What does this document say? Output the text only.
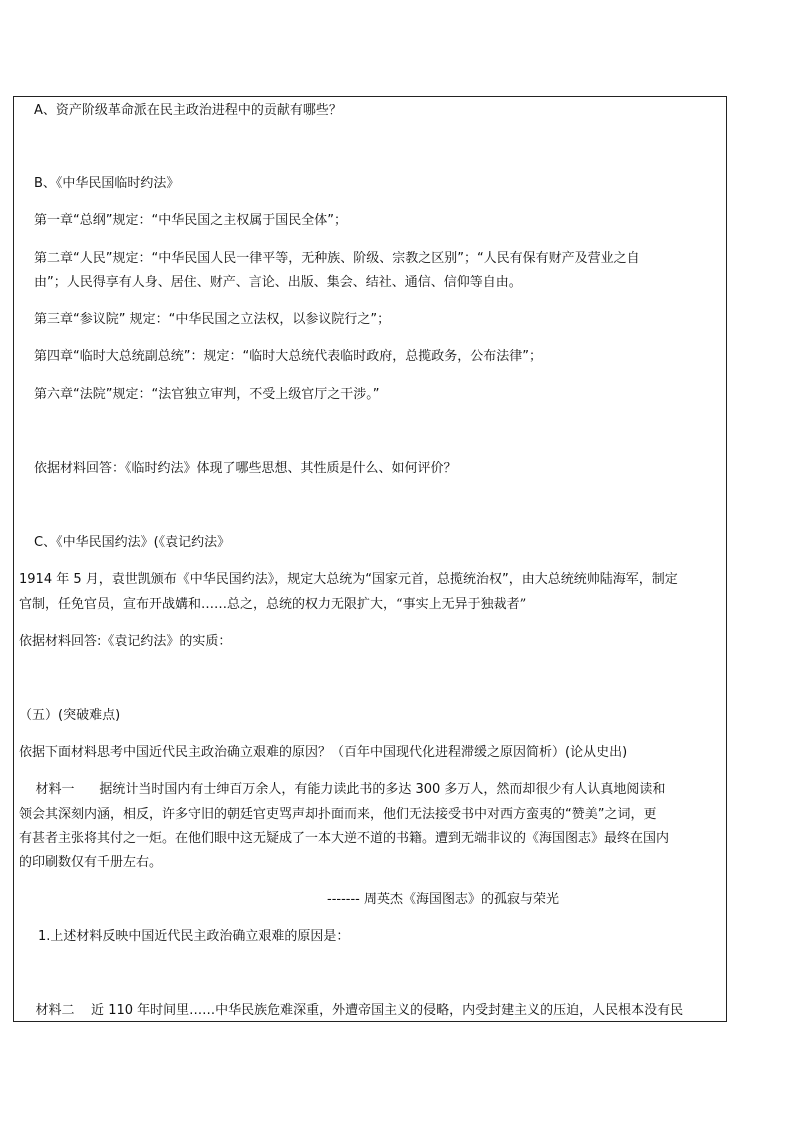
A、资产阶级革命派在民主政治进程中的贡献有哪些？
B、《中华民国临时约法》
第一章“总纲”规定：“中华民国之主权属于国民全体”；
第二章“人民”规定：“中华民国人民一律平等，无种族、阶级、宗教之区别”；“人民有保有财产及营业之自
由”；人民得享有人身、居住、财产、言论、出版、集会、结社、通信、信仰等自由。
第三章“参议院” 规定：“中华民国之立法权，以参议院行之”；
第四章“临时大总统副总统”：规定：“临时大总统代表临时政府，总揽政务，公布法律”；
第六章“法院”规定：“法官独立审判，不受上级官厅之干涉。”
依据材料回答：《临时约法》体现了哪些思想、其性质是什么、如何评价？
C、《中华民国约法》(《袁记约法》
1914 年 5 月，袁世凯颁布《中华民国约法》，规定大总统为“国家元首，总揽统治权”，由大总统统帅陆海军，制定
官制，任免官员，宣布开战媾和……总之，总统的权力无限扩大，“事实上无异于独裁者”
依据材料回答:《袁记约法》的实质：
（五）(突破难点)
依据下面材料思考中国近代民主政治确立艰难的原因？（百年中国现代化进程滞缓之原因简析）(论从史出)
材料一      据统计当时国内有士绅百万余人，有能力读此书的多达 300 多万人，然而却很少有人认真地阅读和
领会其深刻内涵，相反，许多守旧的朝廷官吏骂声却扑面而来，他们无法接受书中对西方蛮夷的“赞美”之词，更
有甚者主张将其付之一炬。在他们眼中这无疑成了一本大逆不道的书籍。遭到无端非议的《海国图志》最终在国内
的印刷数仅有千册左右。
------- 周英杰《海国图志》的孤寂与荣光
1.上述材料反映中国近代民主政治确立艰难的原因是：
材料二    近 110 年时间里……中华民族危难深重，外遭帝国主义的侵略，内受封建主义的压迫，人民根本没有民
